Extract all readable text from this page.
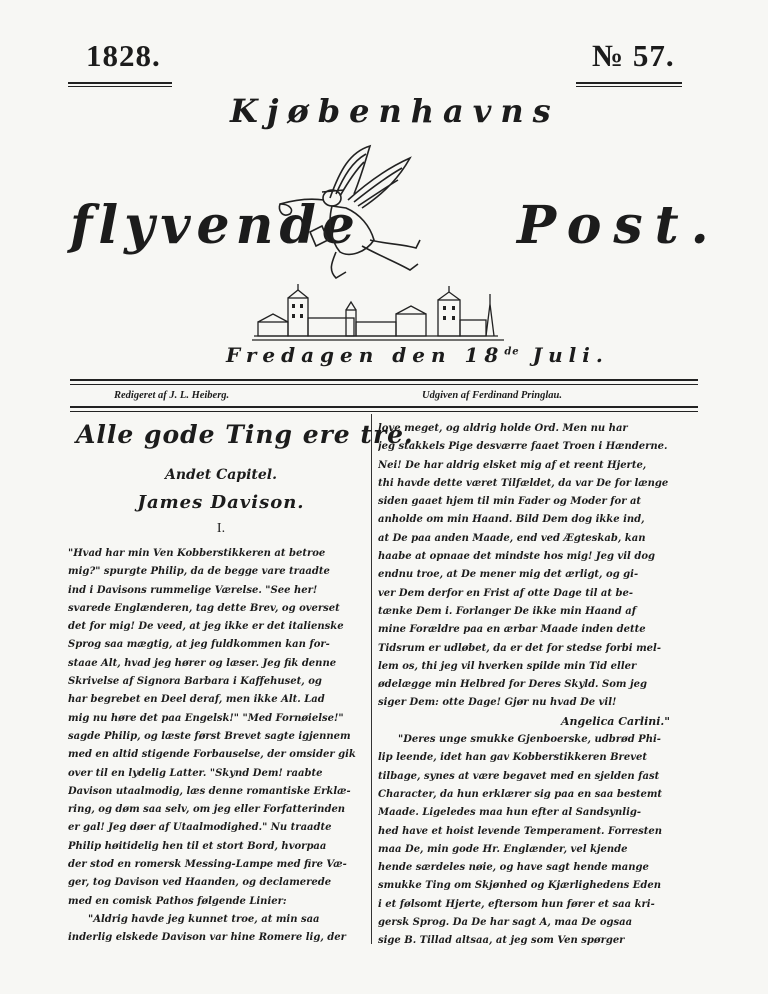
1828.	№ 57.
Kjøbenhavns
flyvende	Post.
Fredagen den 18de Juli.
Redigeret af J. L. Heiberg.	Udgiven af Ferdinand Pringlau.
Alle gode Ting ere tre.
Andet Capitel.
James Davison.
I.
"Hvad har min Ven Kobberstikkeren at betroe
mig?" spurgte Philip, da de begge vare traadte
ind i Davisons rummelige Værelse. "See her!
svarede Englænderen, tag dette Brev, og overset
det for mig! De veed, at jeg ikke er det italienske
Sprog saa mægtig, at jeg fuldkommen kan for-
staae Alt, hvad jeg hører og læser. Jeg fik denne
Skrivelse af Signora Barbara i Kaffehuset, og
har begrebet en Deel deraf, men ikke Alt. Lad
mig nu høre det paa Engelsk!" "Med Fornøielse!"
sagde Philip, og læste først Brevet sagte igjennem
med en altid stigende Forbauselse, der omsider gik
over til en lydelig Latter. "Skynd Dem! raabte
Davison utaalmodig, læs denne romantiske Erklæ-
ring, og døm saa selv, om jeg eller Forfatterinden
er gal! Jeg døer af Utaalmodighed." Nu traadte
Philip høitidelig hen til et stort Bord, hvorpaa
der stod en romersk Messing-Lampe med fire Væ-
ger, tog Davison ved Haanden, og declamerede
med en comisk Pathos følgende Linier:
"Aldrig havde jeg kunnet troe, at min saa
inderlig elskede Davison var hine Romere lig, der
love meget, og aldrig holde Ord. Men nu har
jeg stakkels Pige desværre faaet Troen i Hænderne.
Nei! De har aldrig elsket mig af et reent Hjerte,
thi havde dette været Tilfældet, da var De for længe
siden gaaet hjem til min Fader og Moder for at
anholde om min Haand. Bild Dem dog ikke ind,
at De paa anden Maade, end ved Ægteskab, kan
haabe at opnaae det mindste hos mig! Jeg vil dog
endnu troe, at De mener mig det ærligt, og gi-
ver Dem derfor en Frist af otte Dage til at be-
tænke Dem i. Forlanger De ikke min Haand af
mine Forældre paa en ærbar Maade inden dette
Tidsrum er udløbet, da er det for stedse forbi mel-
lem os, thi jeg vil hverken spilde min Tid eller
ødelægge min Helbred for Deres Skyld. Som jeg
siger Dem: otte Dage! Gjør nu hvad De vil!
Angelica Carlini."
"Deres unge smukke Gjenboerske, udbrød Phi-
lip leende, idet han gav Kobberstikkeren Brevet
tilbage, synes at være begavet med en sjelden fast
Character, da hun erklærer sig paa en saa bestemt
Maade. Ligeledes maa hun efter al Sandsynlig-
hed have et hoist levende Temperament. Forresten
maa De, min gode Hr. Englænder, vel kjende
hende særdeles nøie, og have sagt hende mange
smukke Ting om Skjønhed og Kjærlighedens Eden
i et følsomt Hjerte, eftersom hun fører et saa kri-
gersk Sprog. Da De har sagt A, maa De ogsaa
sige B. Tillad altsaa, at jeg som Ven spørger
